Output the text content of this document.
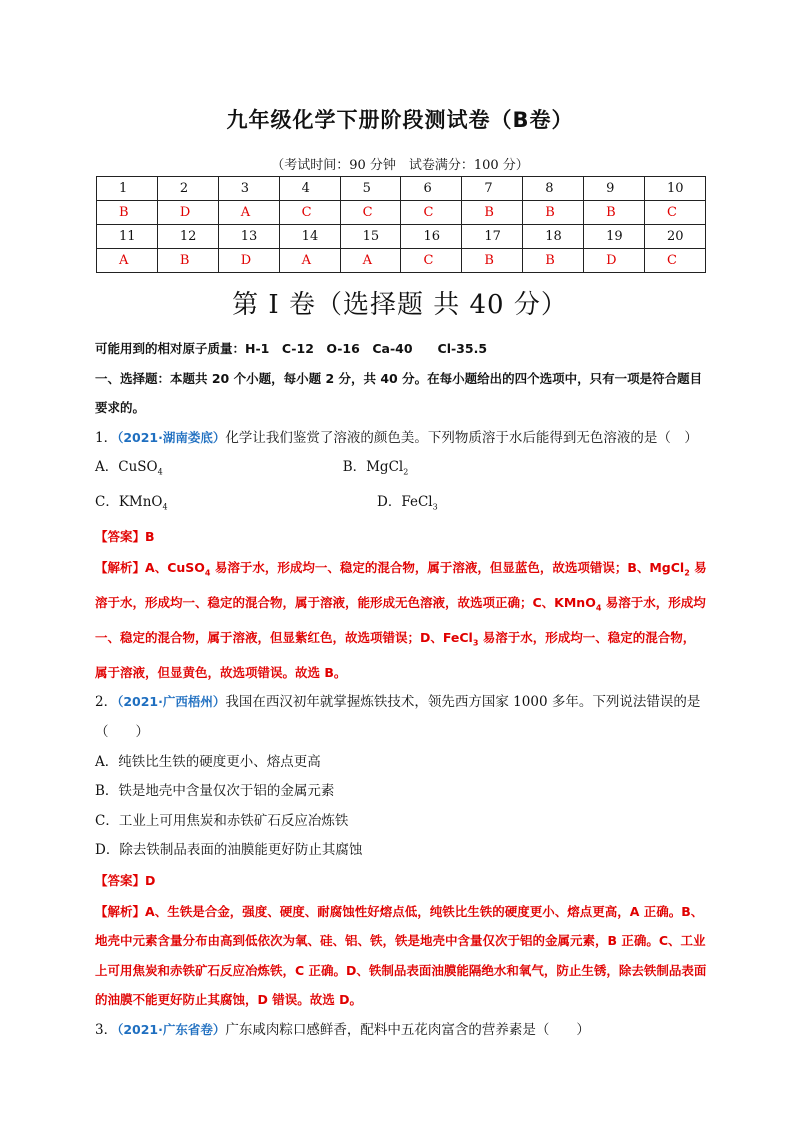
九年级化学下册阶段测试卷（B卷）
（考试时间：90 分钟　试卷满分：100 分）
1	2	3	4	5	6	7	8	9	10
B	D	A	C	C	C	B	B	B	C
11	12	13	14	15	16	17	18	19	20
A	B	D	A	A	C	B	B	D	C
第 I 卷（选择题 共 40 分）

可能用到的相对原子质量：H-1　C-12　O-16　Ca-40　　Cl-35.5

一、选择题：本题共 20 个小题，每小题 2 分，共 40 分。在每小题给出的四个选项中，只有一项是符合题目要求的。

1．（2021·湖南娄底）化学让我们鉴赏了溶液的颜色美。下列物质溶于水后能得到无色溶液的是（　）A．CuSO$_4$	B．MgCl$_2$

C．KMnO$_4$	D．FeCl$_3$

【答案】B

【解析】A、CuSO$_4$ 易溶于水，形成均一、稳定的混合物，属于溶液，但显蓝色，故选项错误；B、MgCl$_2$ 易溶于水，形成均一、稳定的混合物，属于溶液，能形成无色溶液，故选项正确；C、KMnO$_4$ 易溶于水，形成均一、稳定的混合物，属于溶液，但显紫红色，故选项错误；D、FeCl$_3$ 易溶于水，形成均一、稳定的混合物，属于溶液，但显黄色，故选项错误。故选 B。

2．（2021·广西梧州）我国在西汉初年就掌握炼铁技术，领先西方国家 1000 多年。下列说法错误的是（　　）

A．纯铁比生铁的硬度更小、熔点更高

B．铁是地壳中含量仅次于铝的金属元素

C．工业上可用焦炭和赤铁矿石反应冶炼铁

D．除去铁制品表面的油膜能更好防止其腐蚀

【答案】D

【解析】A、生铁是合金，强度、硬度、耐腐蚀性好熔点低，纯铁比生铁的硬度更小、熔点更高，A 正确。B、地壳中元素含量分布由高到低依次为氧、硅、铝、铁，铁是地壳中含量仅次于铝的金属元素，B 正确。C、工业上可用焦炭和赤铁矿石反应冶炼铁，C 正确。D、铁制品表面油膜能隔绝水和氧气，防止生锈，除去铁制品表面的油膜不能更好防止其腐蚀，D 错误。故选 D。

3．（2021·广东省卷）广东咸肉粽口感鲜香，配料中五花肉富含的营养素是（　　）
